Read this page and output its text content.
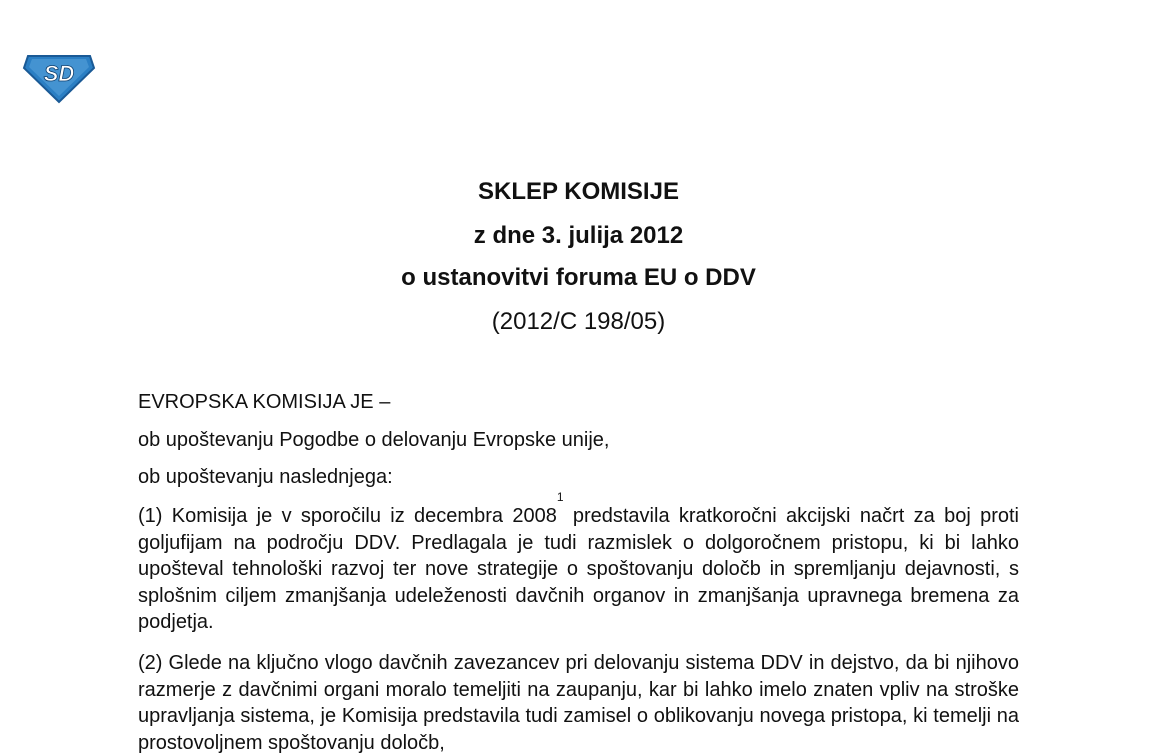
SD
SKLEP KOMISIJE
z dne 3. julija 2012
o ustanovitvi foruma EU o DDV
(2012/C 198/05)
EVROPSKA KOMISIJA JE –
ob upoštevanju Pogodbe o delovanju Evropske unije,
ob upoštevanju naslednjega:
(1) Komisija je v sporočilu iz decembra 2008$^1$ predstavila kratkoročni akcijski načrt za boj proti goljufijam na področju DDV. Predlagala je tudi razmislek o dolgoročnem pristopu, ki bi lahko upošteval tehnološki razvoj ter nove strategije o spoštovanju določb in spremljanju dejavnosti, s splošnim ciljem zmanjšanja udeleženosti davčnih organov in zmanjšanja upravnega bremena za podjetja.
(2) Glede na ključno vlogo davčnih zavezancev pri delovanju sistema DDV in dejstvo, da bi njihovo razmerje z davčnimi organi moralo temeljiti na zaupanju, kar bi lahko imelo znaten vpliv na stroške upravljanja sistema, je Komisija predstavila tudi zamisel o oblikovanju novega pristopa, ki temelji na prostovoljnem spoštovanju določb,
